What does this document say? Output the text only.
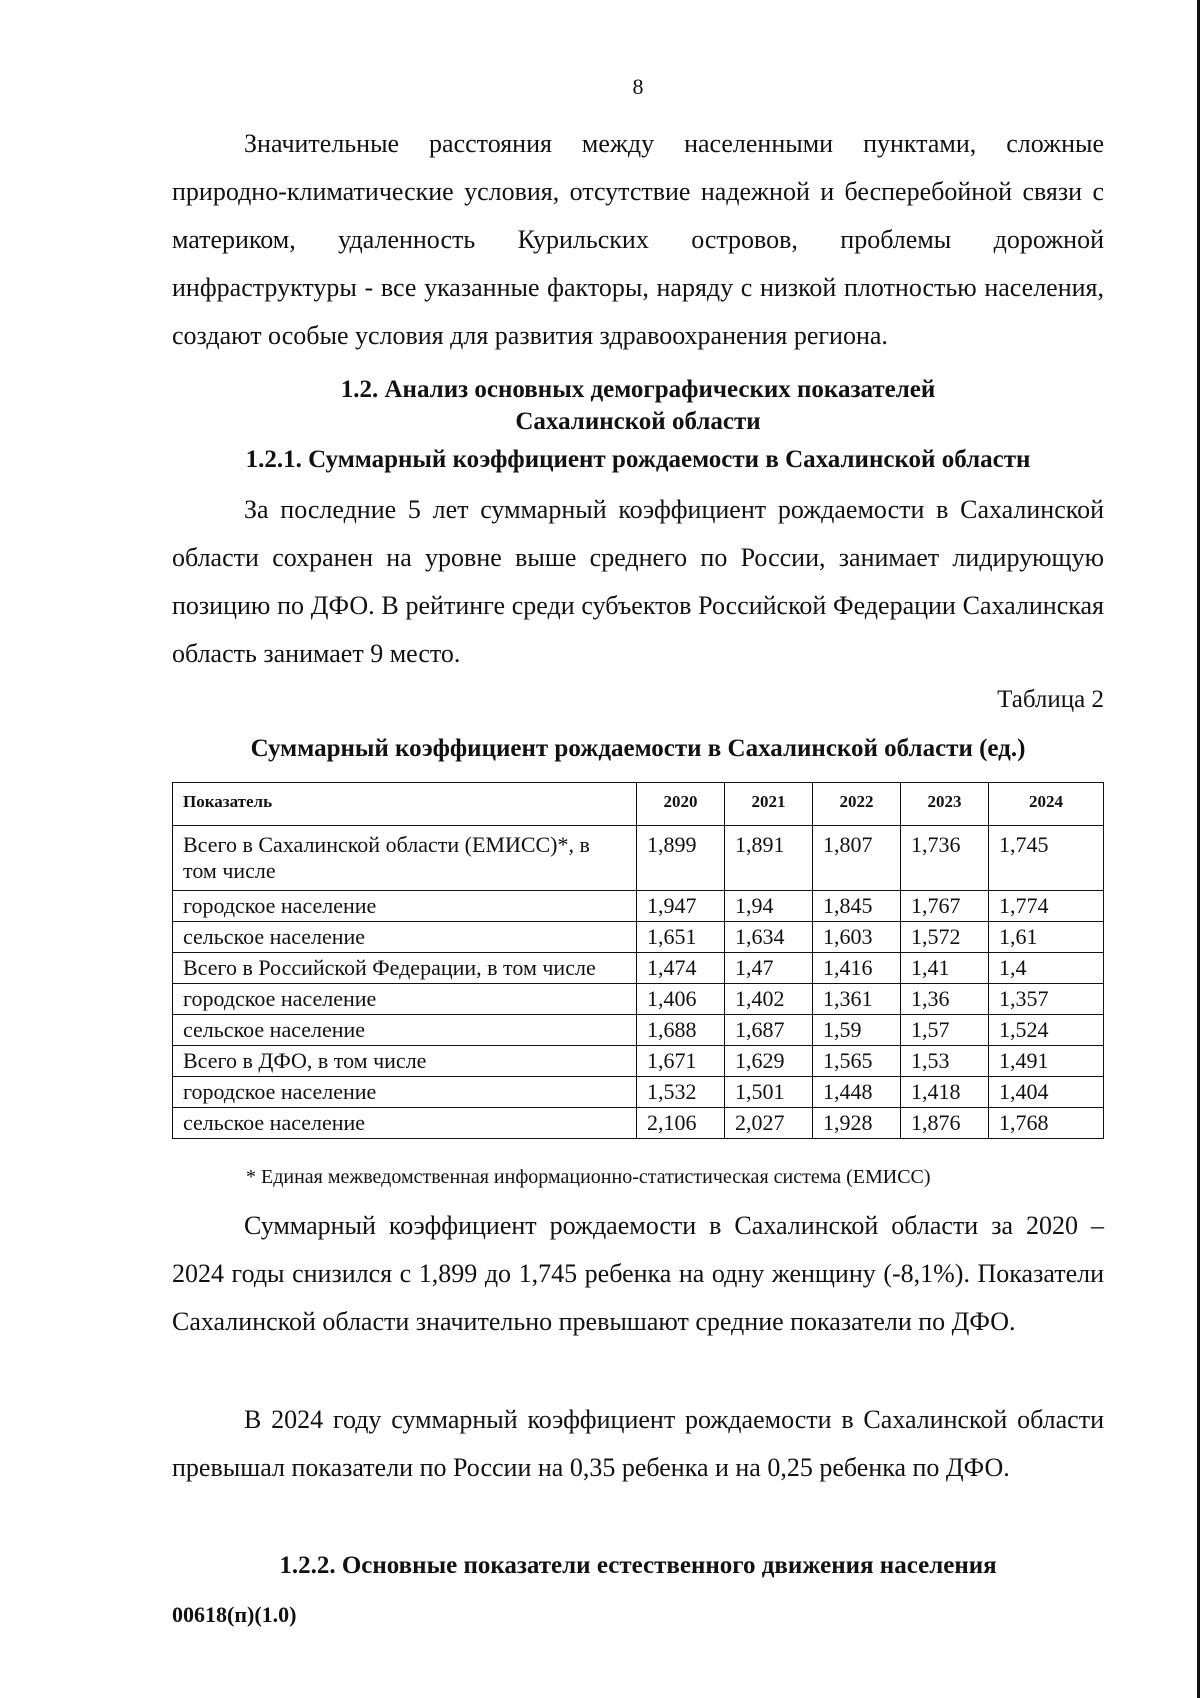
8

Значительные расстояния между населенными пунктами, сложные природно-климатические условия, отсутствие надежной и бесперебойной связи с материком, удаленность Курильских островов, проблемы дорожной инфраструктуры - все указанные факторы, наряду с низкой плотностью населения, создают особые условия для развития здравоохранения региона.

1.2. Анализ основных демографических показателей
Сахалинской области
1.2.1. Суммарный коэффициент рождаемости в Сахалинской областн

За последние 5 лет суммарный коэффициент рождаемости в Сахалинской области сохранен на уровне выше среднего по России, занимает лидирующую позицию по ДФО. В рейтинге среди субъектов Российской Федерации Сахалинская область занимает 9 место.

Таблица 2
Суммарный коэффициент рождаемости в Сахалинской области (ед.)
Показатель	2020	2021	2022	2023	2024
Всего в Сахалинской области (ЕМИСС)*, в том числе	1,899	1,891	1,807	1,736	1,745
городское население	1,947	1,94	1,845	1,767	1,774
сельское население	1,651	1,634	1,603	1,572	1,61
Всего в Российской Федерации, в том числе	1,474	1,47	1,416	1,41	1,4
городское население	1,406	1,402	1,361	1,36	1,357
сельское население	1,688	1,687	1,59	1,57	1,524
Всего в ДФО, в том числе	1,671	1,629	1,565	1,53	1,491
городское население	1,532	1,501	1,448	1,418	1,404
сельское население	2,106	2,027	1,928	1,876	1,768
* Единая межведомственная информационно-статистическая система (ЕМИСС)

Суммарный коэффициент рождаемости в Сахалинской области за 2020 – 2024 годы снизился с 1,899 до 1,745 ребенка на одну женщину (-8,1%). Показатели Сахалинской области значительно превышают средние показатели по ДФО.

В 2024 году суммарный коэффициент рождаемости в Сахалинской области превышал показатели по России на 0,35 ребенка и на 0,25 ребенка по ДФО.

1.2.2. Основные показатели естественного движения населения
00618(п)(1.0)
